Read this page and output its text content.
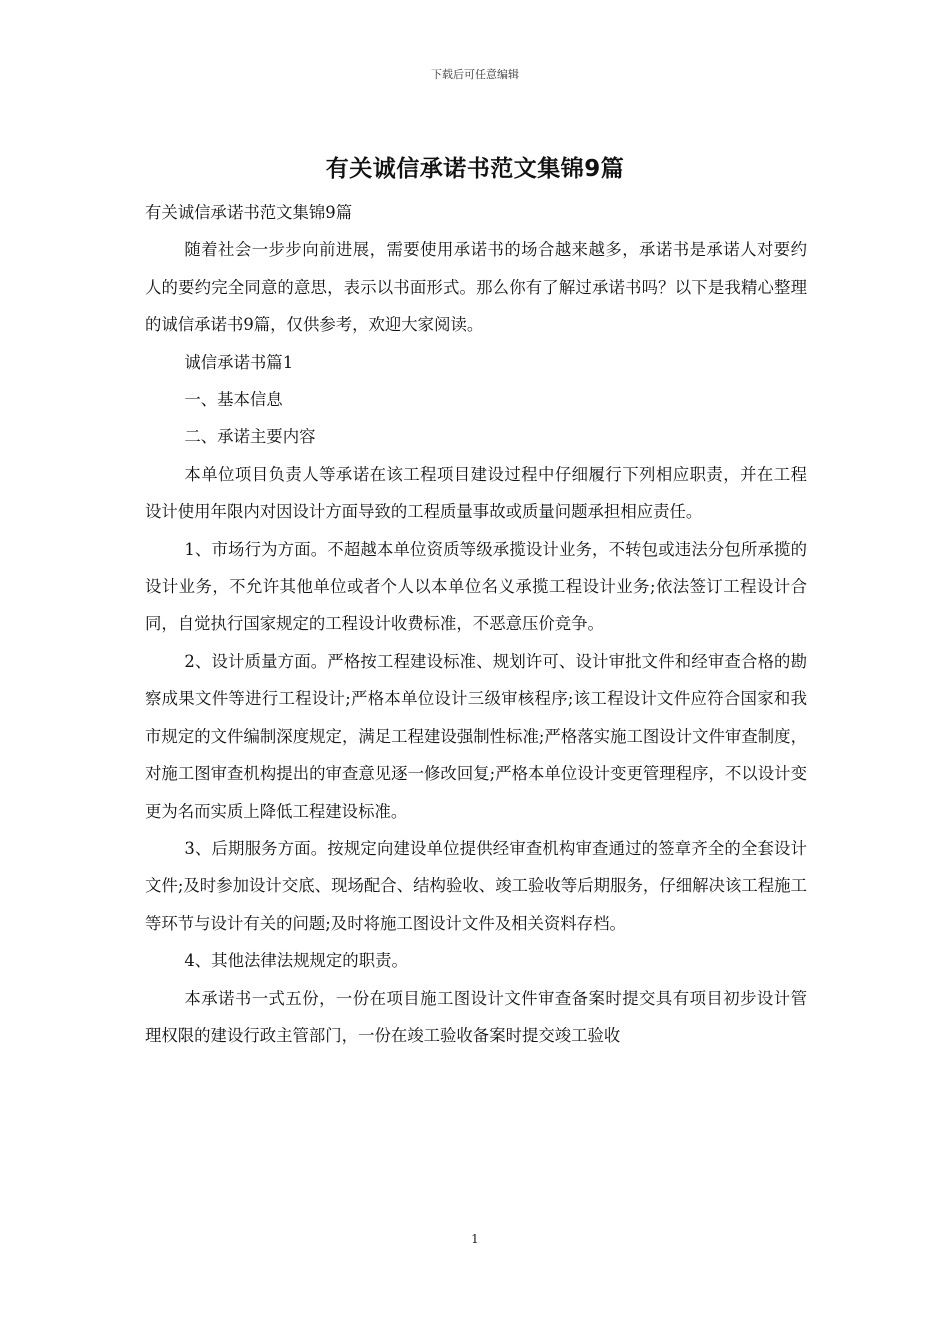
下载后可任意编辑
有关诚信承诺书范文集锦9篇

有关诚信承诺书范文集锦9篇

随着社会一步步向前进展，需要使用承诺书的场合越来越多，承诺书是承诺人对要约人的要约完全同意的意思，表示以书面形式。那么你有了解过承诺书吗？以下是我精心整理的诚信承诺书9篇，仅供参考，欢迎大家阅读。

诚信承诺书篇1

一、基本信息

二、承诺主要内容

本单位项目负责人等承诺在该工程项目建设过程中仔细履行下列相应职责，并在工程设计使用年限内对因设计方面导致的工程质量事故或质量问题承担相应责任。

1、市场行为方面。不超越本单位资质等级承揽设计业务，不转包或违法分包所承揽的设计业务，不允许其他单位或者个人以本单位名义承揽工程设计业务;依法签订工程设计合同，自觉执行国家规定的工程设计收费标准，不恶意压价竞争。

2、设计质量方面。严格按工程建设标准、规划许可、设计审批文件和经审查合格的勘察成果文件等进行工程设计;严格本单位设计三级审核程序;该工程设计文件应符合国家和我市规定的文件编制深度规定，满足工程建设强制性标准;严格落实施工图设计文件审查制度，对施工图审查机构提出的审查意见逐一修改回复;严格本单位设计变更管理程序，不以设计变更为名而实质上降低工程建设标准。

3、后期服务方面。按规定向建设单位提供经审查机构审查通过的签章齐全的全套设计文件;及时参加设计交底、现场配合、结构验收、竣工验收等后期服务，仔细解决该工程施工等环节与设计有关的问题;及时将施工图设计文件及相关资料存档。

4、其他法律法规规定的职责。

本承诺书一式五份，一份在项目施工图设计文件审查备案时提交具有项目初步设计管理权限的建设行政主管部门，一份在竣工验收备案时提交竣工验收

1
